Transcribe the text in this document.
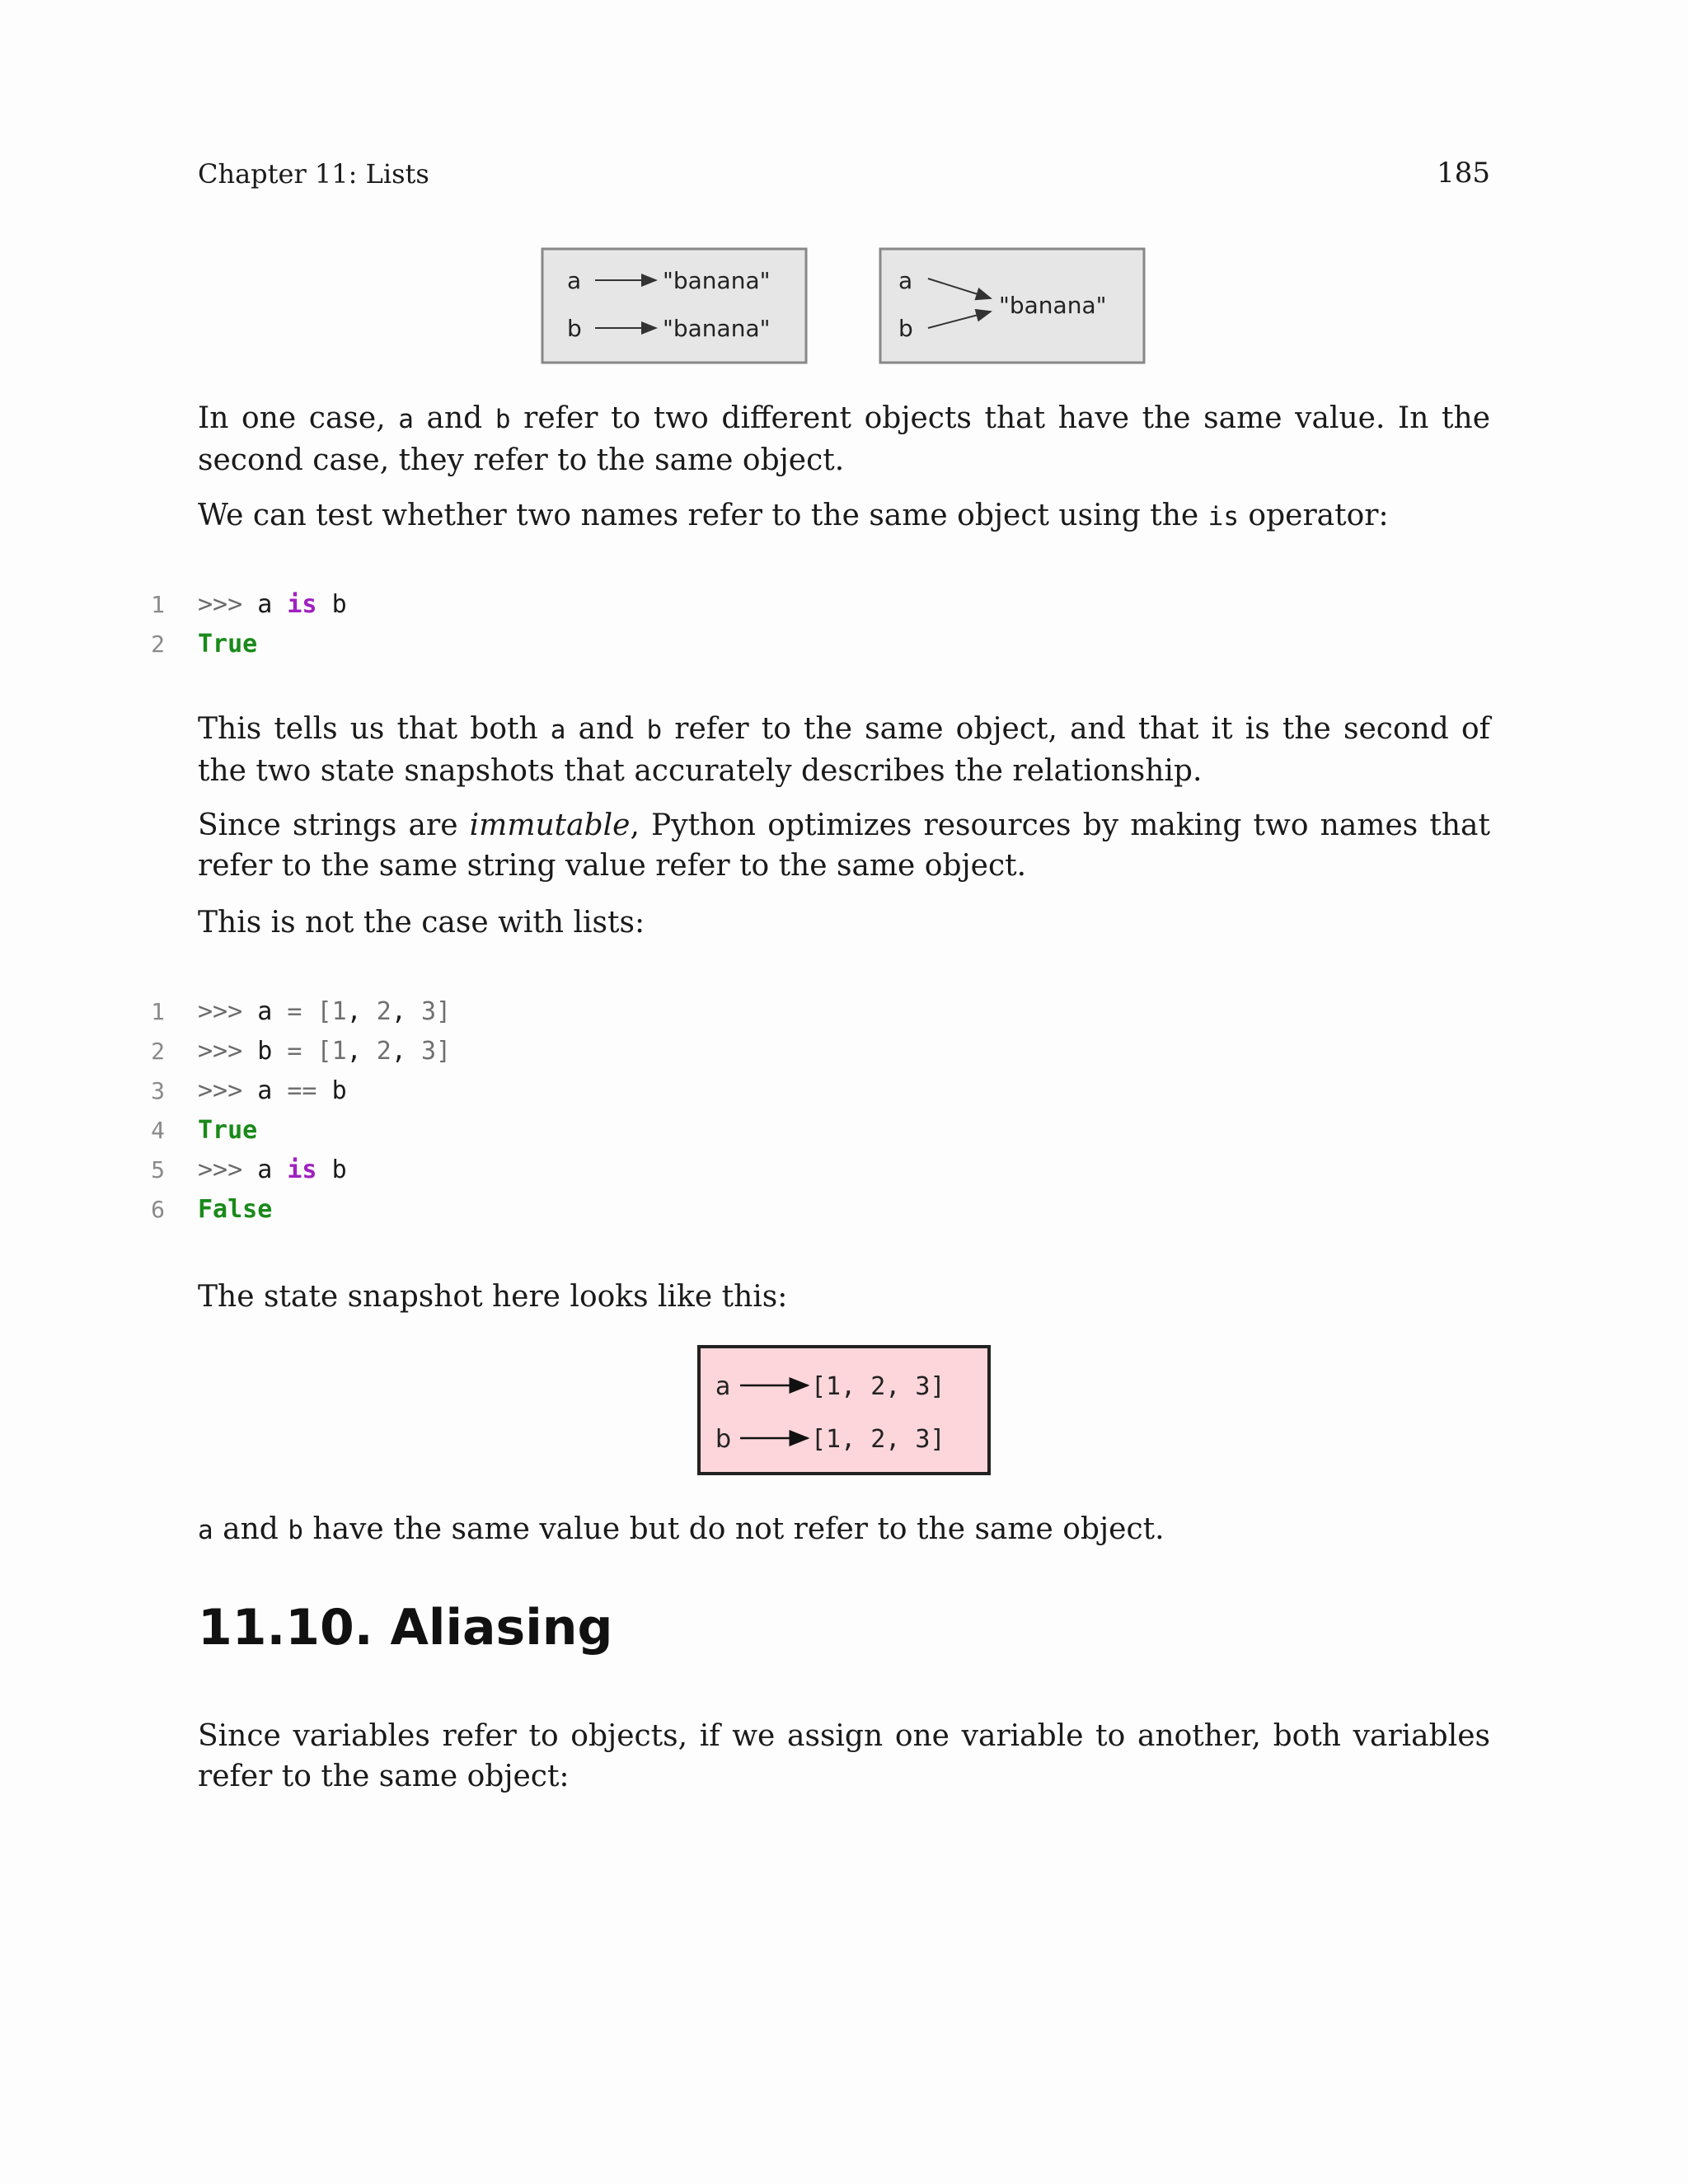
Chapter 11: Lists	185
a	"banana"
b	"banana"
a
b
"banana"
In one case, a and b refer to two different objects that have the same value. In the second case, they refer to the same object.
We can test whether two names refer to the same object using the is operator:
1 >>> a is b
2 True
This tells us that both a and b refer to the same object, and that it is the second of the two state snapshots that accurately describes the relationship.
Since strings are immutable, Python optimizes resources by making two names that refer to the same string value refer to the same object.
This is not the case with lists:
1 >>> a = [1, 2, 3]
2 >>> b = [1, 2, 3]
3 >>> a == b
4 True
5 >>> a is b
6 False
The state snapshot here looks like this:
a	[1, 2, 3]
b	[1, 2, 3]
a and b have the same value but do not refer to the same object.
11.10. Aliasing
Since variables refer to objects, if we assign one variable to another, both variables refer to the same object:
